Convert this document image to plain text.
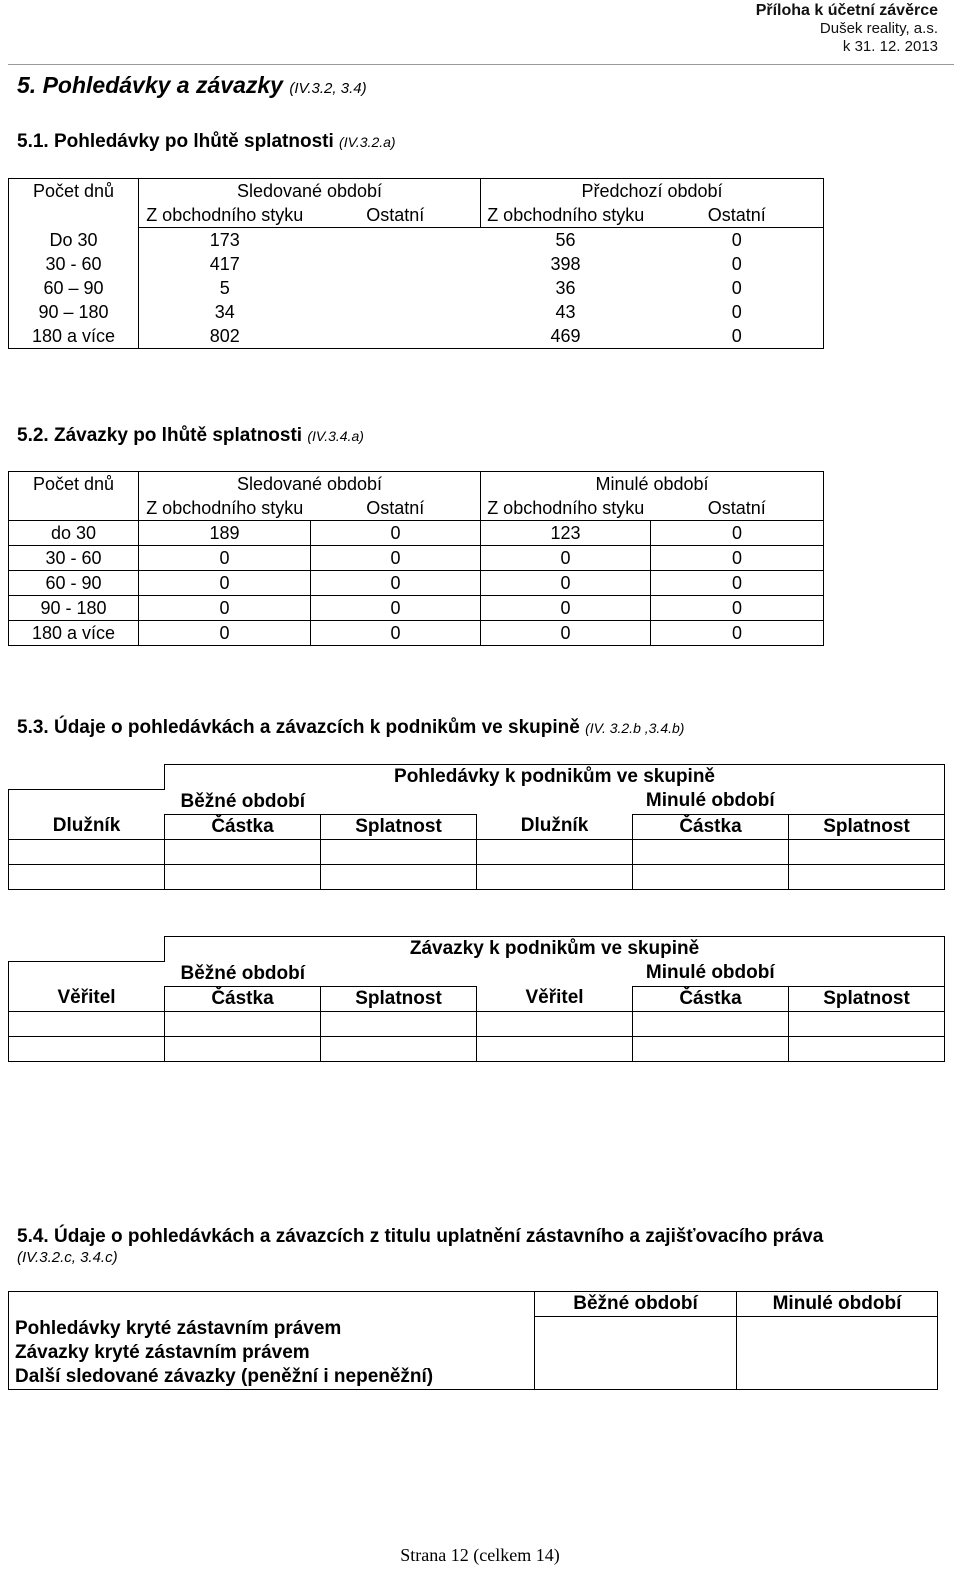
Příloha k účetní závěrce
Dušek reality, a.s.
k 31. 12. 2013
5. Pohledávky a závazky (IV.3.2, 3.4)
5.1. Pohledávky po lhůtě splatnosti (IV.3.2.a)
Počet dnů	Sledované období		Předchozí období	
	Z obchodního styku	Ostatní	Z obchodního styku	Ostatní
Do 30	173		56	0
30 - 60	417		398	0
60 – 90	5		36	0
90 – 180	34		43	0
180 a více	802		469	0
5.2. Závazky po lhůtě splatnosti (IV.3.4.a)
Počet dnů	Sledované období		Minulé období	
	Z obchodního styku	Ostatní	Z obchodního styku	Ostatní
do 30	189	0	123	0
30 - 60	0	0	0	0
60 - 90	0	0	0	0
90 - 180	0	0	0	0
180 a více	0	0	0	0
5.3. Údaje o pohledávkách a závazcích k podnikům ve skupině (IV. 3.2.b ,3.4.b)
	Pohledávky k podnikům ve skupině				
Běžné období			Minulé období		
Dlužník	Částka	Splatnost	Dlužník	Částka	Splatnost

	Závazky k podnikům ve skupině				
Běžné období			Minulé období		
Věřitel	Částka	Splatnost	Věřitel	Částka	Splatnost

5.4. Údaje o pohledávkách a závazcích z titulu uplatnění zástavního a zajišťovacího práva
(IV.3.2.c, 3.4.c)
	Běžné období	Minulé období
Pohledávky kryté zástavním právem		
Závazky kryté zástavním právem		
Další sledované závazky (peněžní i nepeněžní)		
Strana 12 (celkem 14)
